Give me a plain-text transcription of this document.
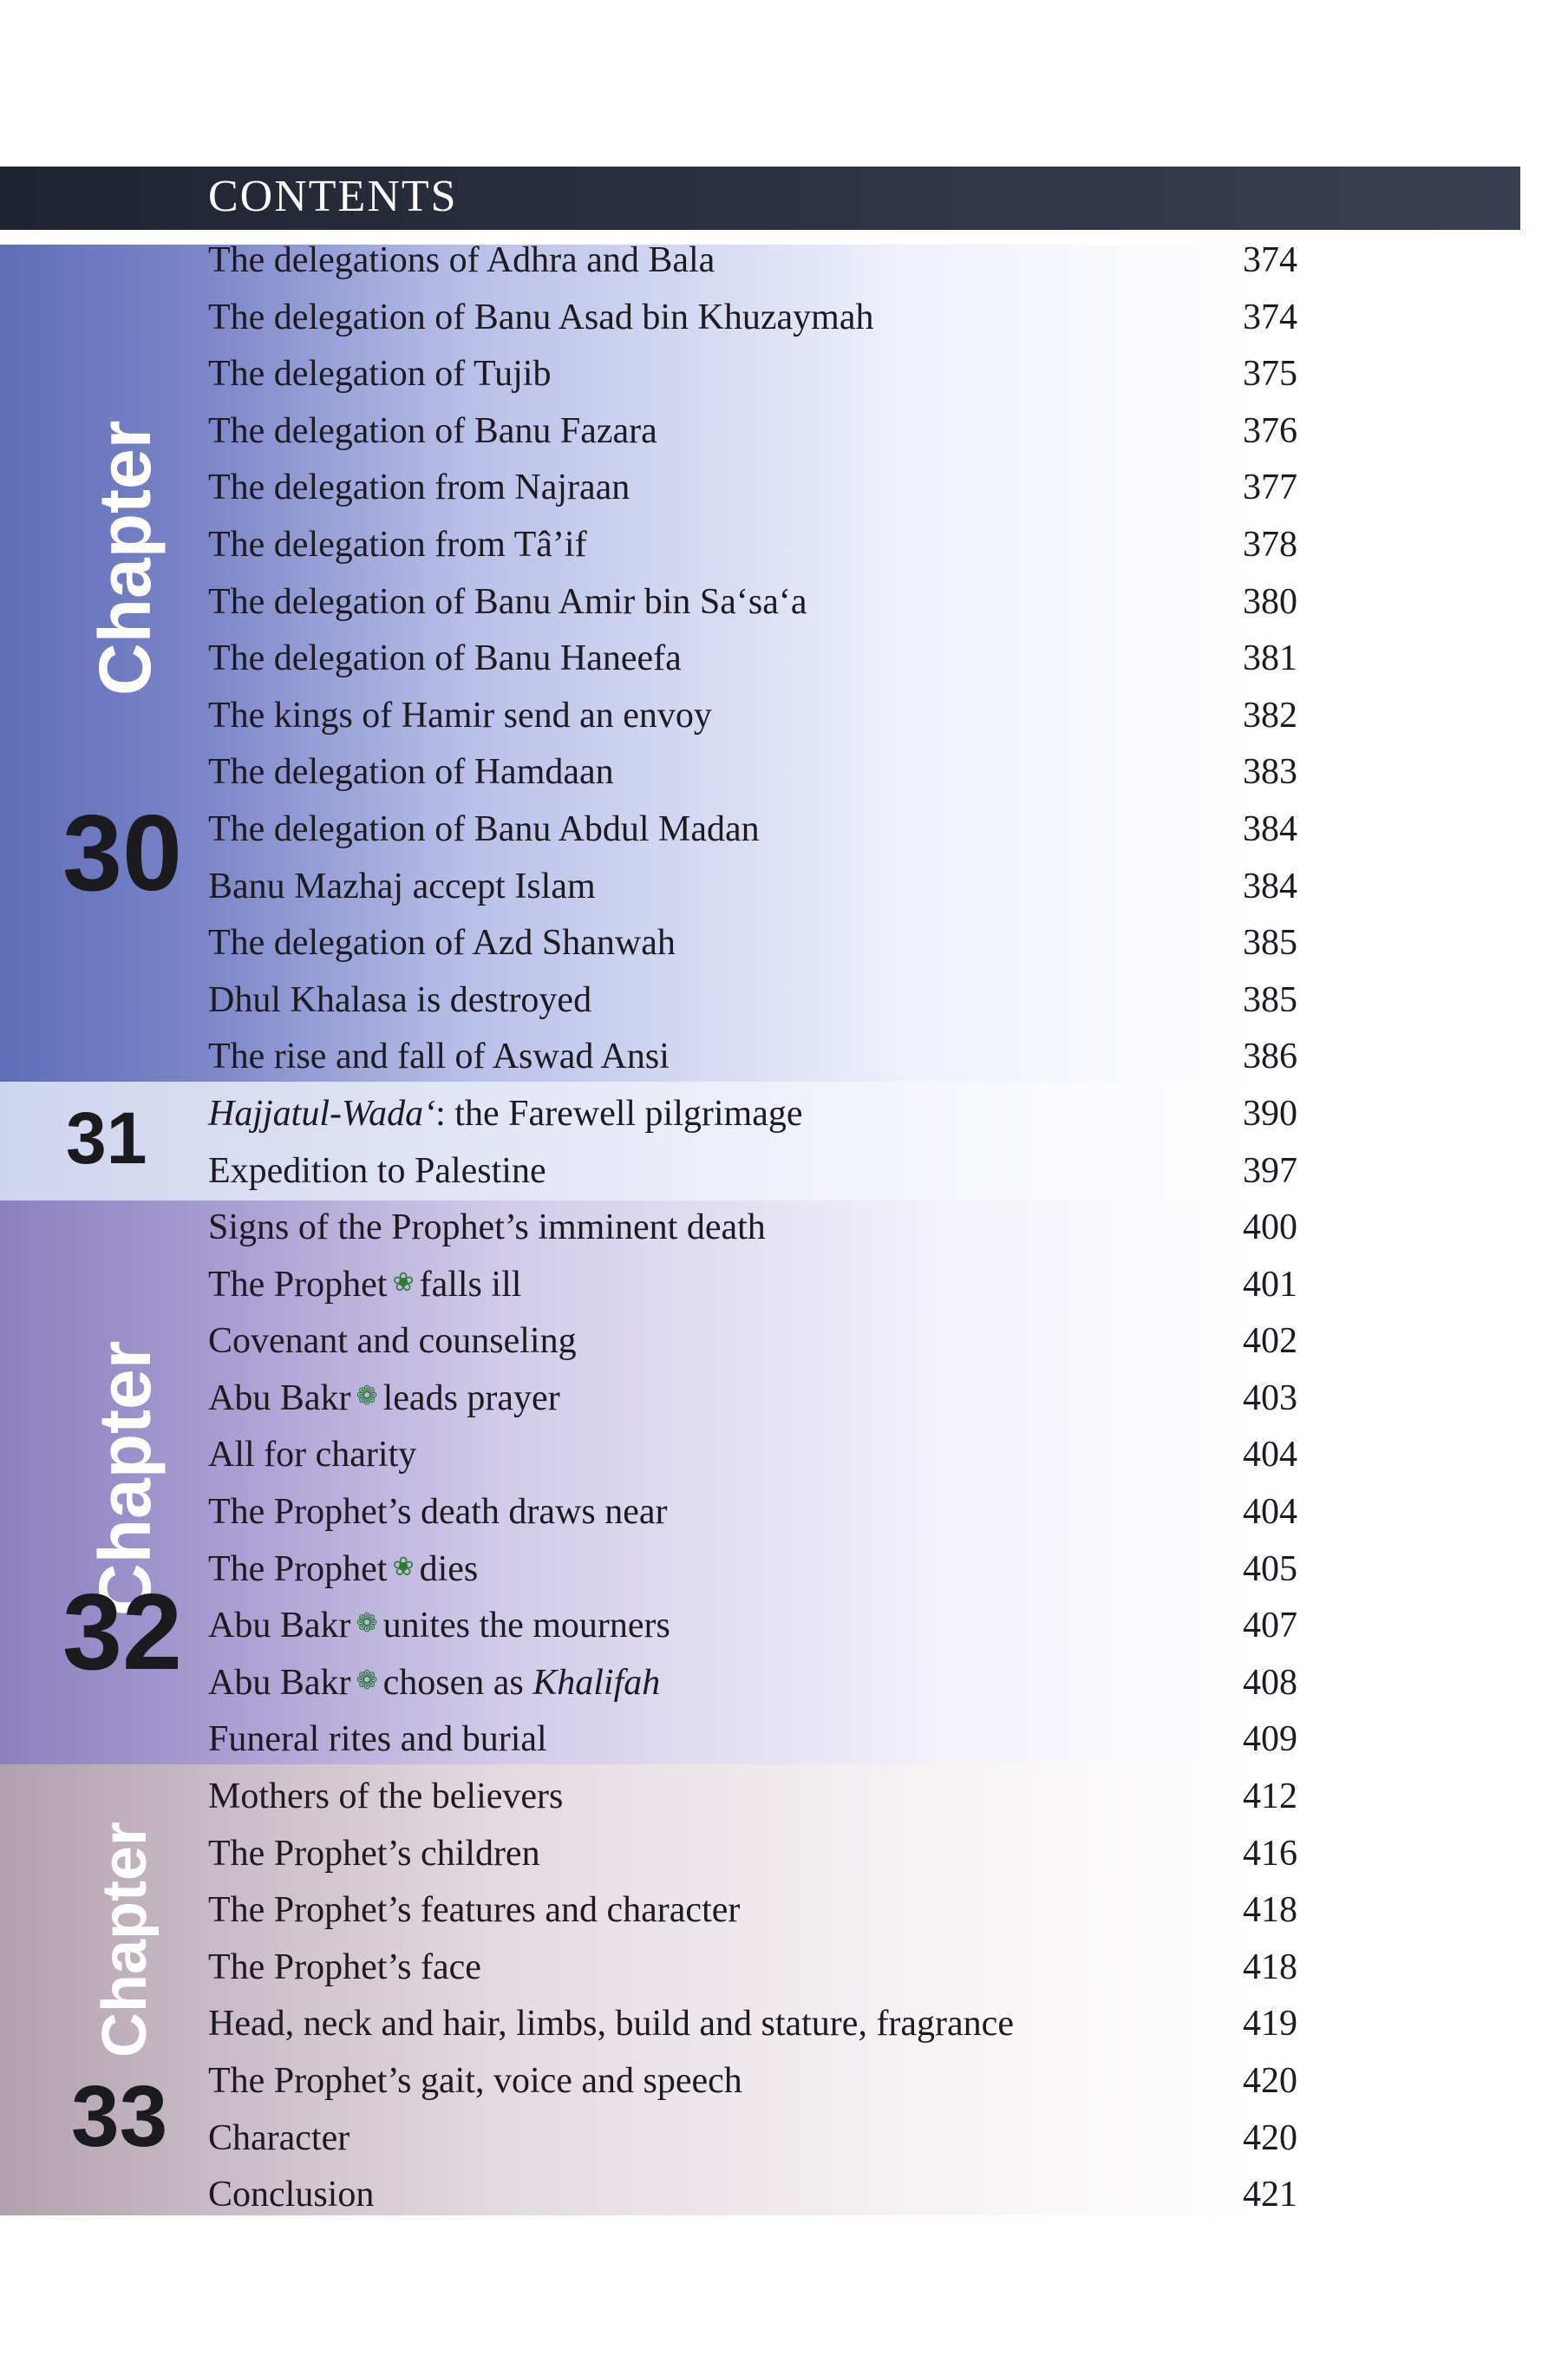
CONTENTS
Chapter
30
31
Chapter
32
Chapter
33
The delegations of Adhra and Bala	374
The delegation of Banu Asad bin Khuzaymah	374
The delegation of Tujib	375
The delegation of Banu Fazara	376
The delegation from Najraan	377
The delegation from Tâ’if	378
The delegation of Banu Amir bin Sa‘sa‘a	380
The delegation of Banu Haneefa	381
The kings of Hamir send an envoy	382
The delegation of Hamdaan	383
The delegation of Banu Abdul Madan	384
Banu Mazhaj accept Islam	384
The delegation of Azd Shanwah	385
Dhul Khalasa is destroyed	385
The rise and fall of Aswad Ansi	386
Hajjatul-Wada‘: the Farewell pilgrimage	390
Expedition to Palestine	397
Signs of the Prophet’s imminent death	400
The Prophet ❀ falls ill	401
Covenant and counseling	402
Abu Bakr ❁ leads prayer	403
All for charity	404
The Prophet’s death draws near	404
The Prophet ❀ dies	405
Abu Bakr ❁ unites the mourners	407
Abu Bakr ❁ chosen as Khalifah	408
Funeral rites and burial	409
Mothers of the believers	412
The Prophet’s children	416
The Prophet’s features and character	418
The Prophet’s face	418
Head, neck and hair, limbs, build and stature, fragrance	419
The Prophet’s gait, voice and speech	420
Character	420
Conclusion	421
